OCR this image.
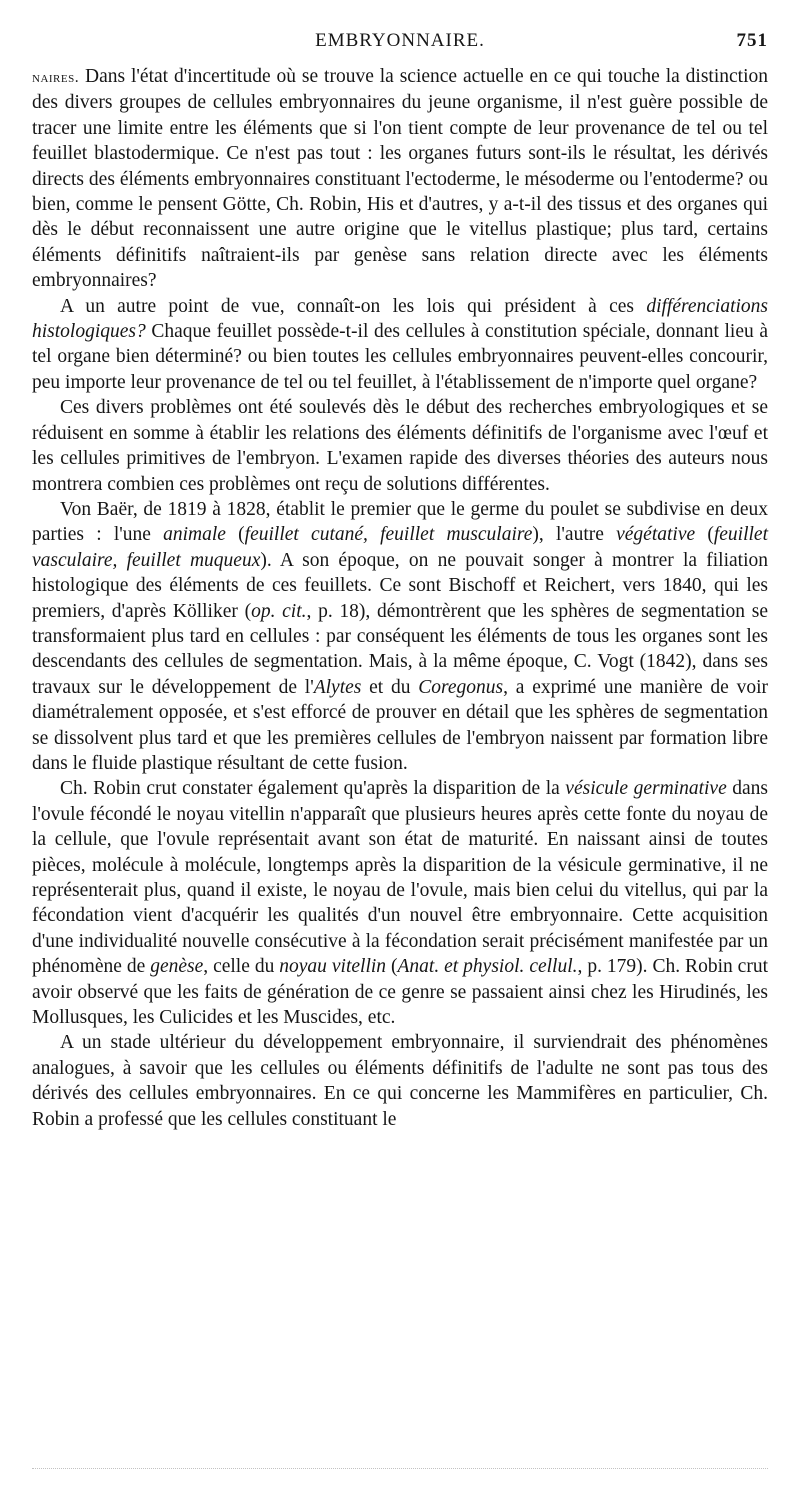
EMBRYONNAIRE.	751

naires. Dans l'état d'incertitude où se trouve la science actuelle en ce qui touche la distinction des divers groupes de cellules embryonnaires du jeune organisme, il n'est guère possible de tracer une limite entre les éléments que si l'on tient compte de leur provenance de tel ou tel feuillet blastodermique. Ce n'est pas tout : les organes futurs sont-ils le résultat, les dérivés directs des éléments embryonnaires constituant l'ectoderme, le mésoderme ou l'entoderme? ou bien, comme le pensent Götte, Ch. Robin, His et d'autres, y a-t-il des tissus et des organes qui dès le début reconnaissent une autre origine que le vitellus plastique; plus tard, certains éléments définitifs naîtraient-ils par genèse sans relation directe avec les éléments embryonnaires?

A un autre point de vue, connaît-on les lois qui président à ces différenciations histologiques? Chaque feuillet possède-t-il des cellules à constitution spéciale, donnant lieu à tel organe bien déterminé? ou bien toutes les cellules embryonnaires peuvent-elles concourir, peu importe leur provenance de tel ou tel feuillet, à l'établissement de n'importe quel organe?

Ces divers problèmes ont été soulevés dès le début des recherches embryologiques et se réduisent en somme à établir les relations des éléments définitifs de l'organisme avec l'œuf et les cellules primitives de l'embryon. L'examen rapide des diverses théories des auteurs nous montrera combien ces problèmes ont reçu de solutions différentes.

Von Baër, de 1819 à 1828, établit le premier que le germe du poulet se subdivise en deux parties : l'une animale (feuillet cutané, feuillet musculaire), l'autre végétative (feuillet vasculaire, feuillet muqueux). A son époque, on ne pouvait songer à montrer la filiation histologique des éléments de ces feuillets. Ce sont Bischoff et Reichert, vers 1840, qui les premiers, d'après Kölliker (op. cit., p. 18), démontrèrent que les sphères de segmentation se transformaient plus tard en cellules : par conséquent les éléments de tous les organes sont les descendants des cellules de segmentation. Mais, à la même époque, C. Vogt (1842), dans ses travaux sur le développement de l'Alytes et du Coregonus, a exprimé une manière de voir diamétralement opposée, et s'est efforcé de prouver en détail que les sphères de segmentation se dissolvent plus tard et que les premières cellules de l'embryon naissent par formation libre dans le fluide plastique résultant de cette fusion.

Ch. Robin crut constater également qu'après la disparition de la vésicule germinative dans l'ovule fécondé le noyau vitellin n'apparaît que plusieurs heures après cette fonte du noyau de la cellule, que l'ovule représentait avant son état de maturité. En naissant ainsi de toutes pièces, molécule à molécule, longtemps après la disparition de la vésicule germinative, il ne représenterait plus, quand il existe, le noyau de l'ovule, mais bien celui du vitellus, qui par la fécondation vient d'acquérir les qualités d'un nouvel être embryonnaire. Cette acquisition d'une individualité nouvelle consécutive à la fécondation serait précisément manifestée par un phénomène de genèse, celle du noyau vitellin (Anat. et physiol. cellul., p. 179). Ch. Robin crut avoir observé que les faits de génération de ce genre se passaient ainsi chez les Hirudinés, les Mollusques, les Culicides et les Muscides, etc.

A un stade ultérieur du développement embryonnaire, il surviendrait des phénomènes analogues, à savoir que les cellules ou éléments définitifs de l'adulte ne sont pas tous des dérivés des cellules embryonnaires. En ce qui concerne les Mammifères en particulier, Ch. Robin a professé que les cellules constituant le
